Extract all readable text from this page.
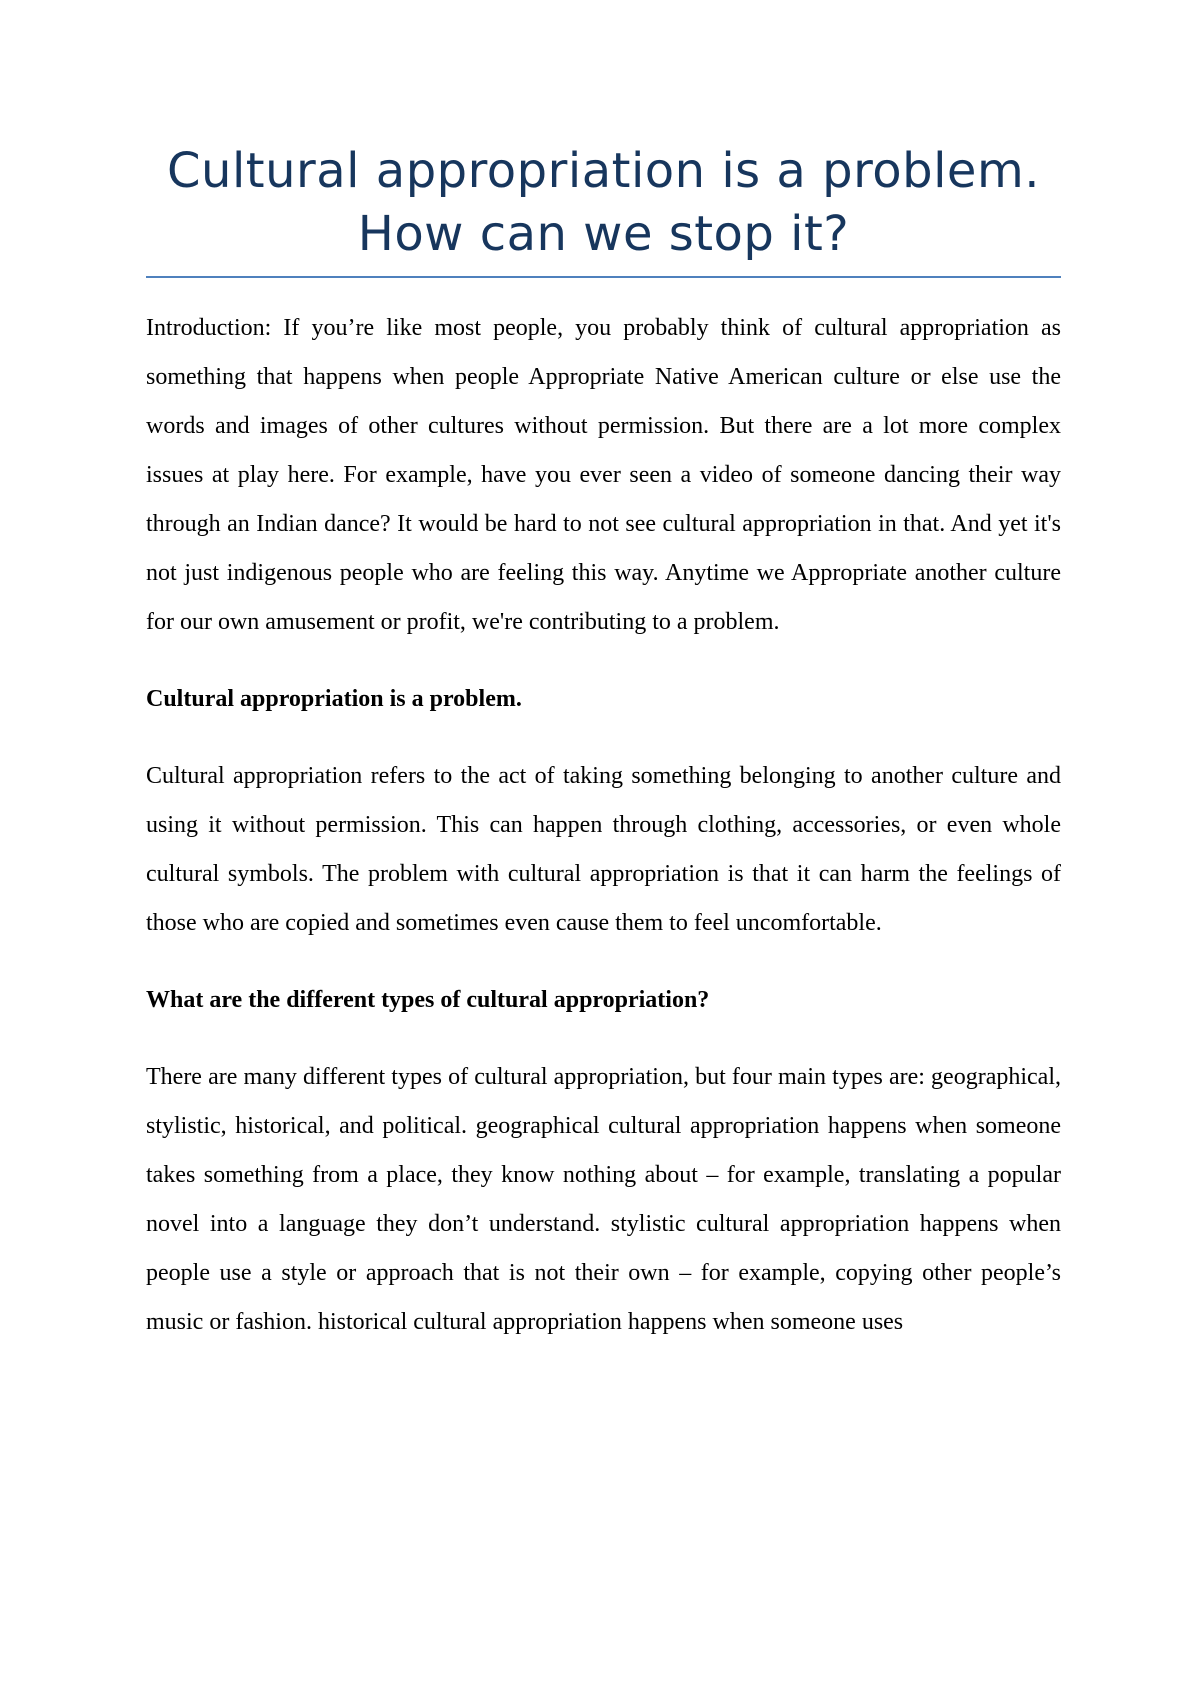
Cultural appropriation is a problem. How can we stop it?

Introduction: If you’re like most people, you probably think of cultural appropriation as something that happens when people Appropriate Native American culture or else use the words and images of other cultures without permission. But there are a lot more complex issues at play here. For example, have you ever seen a video of someone dancing their way through an Indian dance? It would be hard to not see cultural appropriation in that. And yet it's not just indigenous people who are feeling this way. Anytime we Appropriate another culture for our own amusement or profit, we're contributing to a problem.

Cultural appropriation is a problem.

Cultural appropriation refers to the act of taking something belonging to another culture and using it without permission. This can happen through clothing, accessories, or even whole cultural symbols. The problem with cultural appropriation is that it can harm the feelings of those who are copied and sometimes even cause them to feel uncomfortable.

What are the different types of cultural appropriation?

There are many different types of cultural appropriation, but four main types are: geographical, stylistic, historical, and political. geographical cultural appropriation happens when someone takes something from a place, they know nothing about – for example, translating a popular novel into a language they don’t understand. stylistic cultural appropriation happens when people use a style or approach that is not their own – for example, copying other people’s music or fashion. historical cultural appropriation happens when someone uses
